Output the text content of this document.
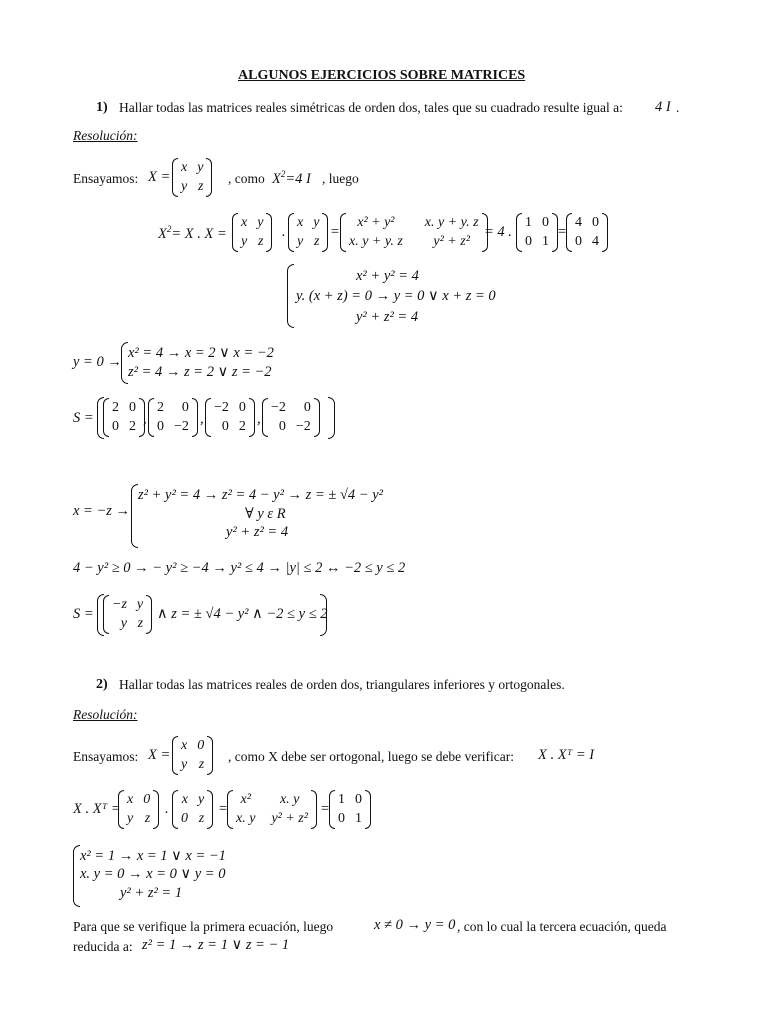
ALGUNOS EJERCICIOS SOBRE MATRICES
1) Hallar todas las matrices reales simétricas de orden dos, tales que su cuadrado resulte igual a: 4 I .
Resolución:
Ensayamos: X =
x y
y z
, como $X^2=4$ I , luego
$X^2= X$ . X =
x y
y z
.
x y
y z
=
x² + y²	x. y + y. z
x. y + y. z	y² + z²
= 4 .
1 0
0 1
=
4 0
0 4
x² + y² = 4
y. (x + z) = 0 → y = 0 ∨ x + z = 0
y² + z² = 4
y = 0 →
x² = 4 → x = 2 ∨ x = −2
z² = 4 → z = 2 ∨ z = −2
S =
2 0
0 2 ,
2	0
0 −2 ,
−2 0
0 2 ,
−2	0
0 −2
x = −z →
z² + y² = 4 → z² = 4 − y² → z = ± √4 − y²
∀ y ε R
y² + z² = 4
4 − y² ≥ 0 → − y² ≥ −4 → y² ≤ 4 → |y| ≤ 2 ↔ −2 ≤ y ≤ 2
S =
−z y
y z
∧ z = ± √4 − y² ∧ −2 ≤ y ≤ 2
2) Hallar todas las matrices reales de orden dos, triangulares inferiores y ortogonales.
Resolución:
Ensayamos: X =
x 0
y z
, como X debe ser ortogonal, luego se debe verificar: X . Xᵀ = I
X . Xᵀ =
x 0
y z
.
x y
0 z
=
x²	x. y
x. y y² + z²
=
1 0
0 1
x² = 1 → x = 1 ∨ x = −1
x. y = 0 → x = 0 ∨ y = 0
y² + z² = 1
Para que se verifique la primera ecuación, luego	x ≠ 0 → y = 0 , con lo cual la tercera ecuación, queda
reducida a: z² = 1 → z = 1 ∨ z = − 1
